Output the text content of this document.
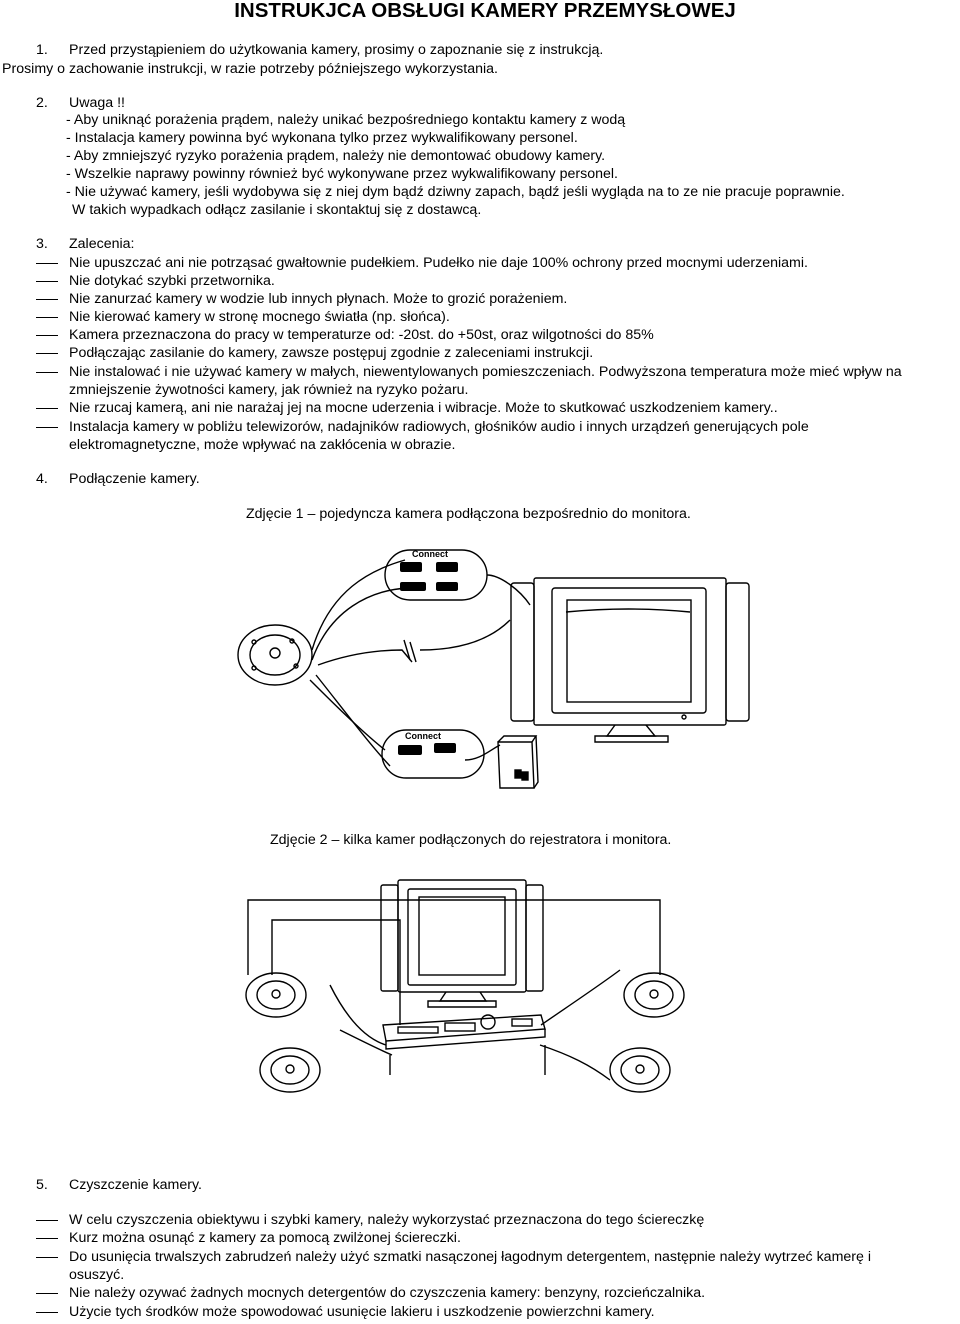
INSTRUKJCA OBSŁUGI KAMERY PRZEMYSŁOWEJ
1. Przed przystąpieniem do użytkowania kamery, prosimy o zapoznanie się z instrukcją.
Prosimy o zachowanie instrukcji, w razie potrzeby późniejszego wykorzystania.
2. Uwaga !!
- Aby uniknąć porażenia prądem, należy unikać bezpośredniego kontaktu kamery z wodą
- Instalacja kamery powinna być wykonana tylko przez wykwalifikowany personel.
- Aby zmniejszyć ryzyko porażenia prądem, należy nie demontować obudowy kamery.
- Wszelkie naprawy powinny również być wykonywane przez wykwalifikowany personel.
- Nie używać kamery, jeśli wydobywa się z niej dym bądź dziwny zapach, bądź jeśli wygląda na to ze nie pracuje poprawnie.
W takich wypadkach odłącz zasilanie i skontaktuj się z dostawcą.
3. Zalecenia:
Nie upuszczać ani nie potrząsać gwałtownie pudełkiem. Pudełko nie daje 100% ochrony przed mocnymi uderzeniami.
Nie dotykać szybki przetwornika.
Nie zanurzać kamery w wodzie lub innych płynach. Może to grozić porażeniem.
Nie kierować kamery w stronę mocnego światła (np. słońca).
Kamera przeznaczona do pracy w temperaturze od: -20st. do +50st, oraz wilgotności do 85%
Podłączając zasilanie do kamery, zawsze postępuj zgodnie z zaleceniami instrukcji.
Nie instalować i nie używać kamery w małych, niewentylowanych pomieszczeniach. Podwyższona temperatura może mieć wpływ na
zmniejszenie żywotności kamery, jak również na ryzyko pożaru.
Nie rzucaj kamerą, ani nie narażaj jej na mocne uderzenia i wibracje. Może to skutkować uszkodzeniem kamery..
Instalacja kamery w pobliżu telewizorów, nadajników radiowych, głośników audio i innych urządzeń generujących pole
elektromagnetyczne, może wpływać na zakłócenia w obrazie.
4. Podłączenie kamery.
Zdjęcie 1 – pojedyncza kamera podłączona bezpośrednio do monitora.
Connect
Connect
Zdjęcie 2 – kilka kamer podłączonych do rejestratora i monitora.
5. Czyszczenie kamery.
W celu czyszczenia obiektywu i szybki kamery, należy wykorzystać przeznaczona do tego ściereczkę
Kurz można osunąć z kamery za pomocą zwilżonej ściereczki.
Do usunięcia trwalszych zabrudzeń należy użyć szmatki nasączonej łagodnym detergentem, następnie należy wytrzeć kamerę i
osuszyć.
Nie należy ozywać żadnych mocnych detergentów do czyszczenia kamery: benzyny, rozcieńczalnika.
Użycie tych środków może spowodować usunięcie lakieru i uszkodzenie powierzchni kamery.
